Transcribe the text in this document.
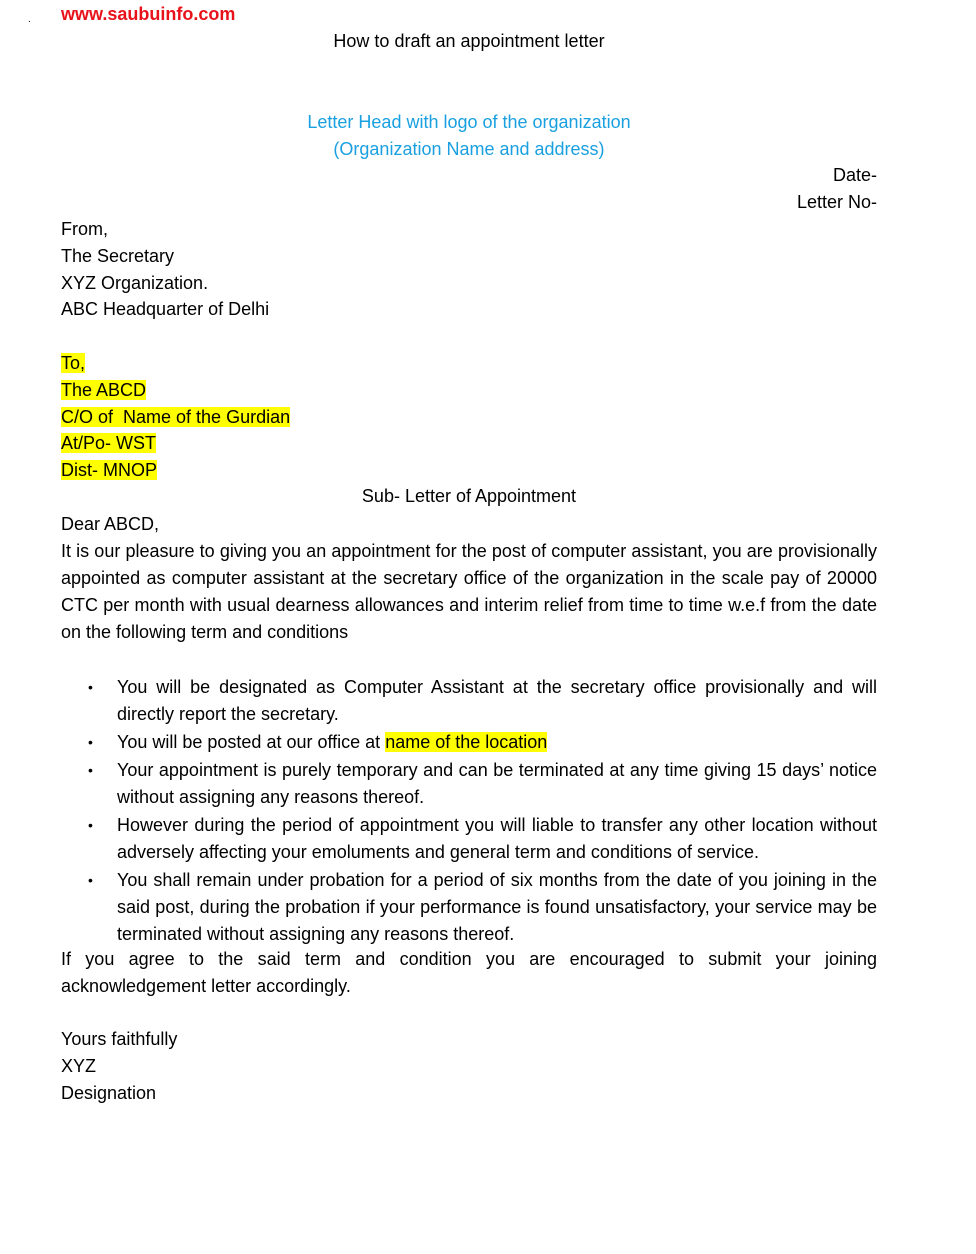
. www.saubuinfo.com
How to draft an appointment letter
Letter Head with logo of the organization
(Organization Name and address)
Date-
Letter No-
From,
The Secretary
XYZ Organization.
ABC Headquarter of Delhi
To,
The ABCD
C/O of  Name of the Gurdian
At/Po- WST
Dist- MNOP
Sub- Letter of Appointment
Dear ABCD,
It is our pleasure to giving you an appointment for the post of computer assistant, you are provisionally appointed as computer assistant at the secretary office of the organization in the scale pay of 20000 CTC per month with usual dearness allowances and interim relief from time to time w.e.f from the date on the following term and conditions
• You will be designated as Computer Assistant at the secretary office provisionally and will directly report the secretary.
• You will be posted at our office at name of the location
• Your appointment is purely temporary and can be terminated at any time giving 15 days’ notice without assigning any reasons thereof.
• However during the period of appointment you will liable to transfer any other location without adversely affecting your emoluments and general term and conditions of service.
• You shall remain under probation for a period of six months from the date of you joining in the said post, during the probation if your performance is found unsatisfactory, your service may be terminated without assigning any reasons thereof.
If you agree to the said term and condition you are encouraged to submit your joining acknowledgement letter accordingly.
Yours faithfully
XYZ
Designation
